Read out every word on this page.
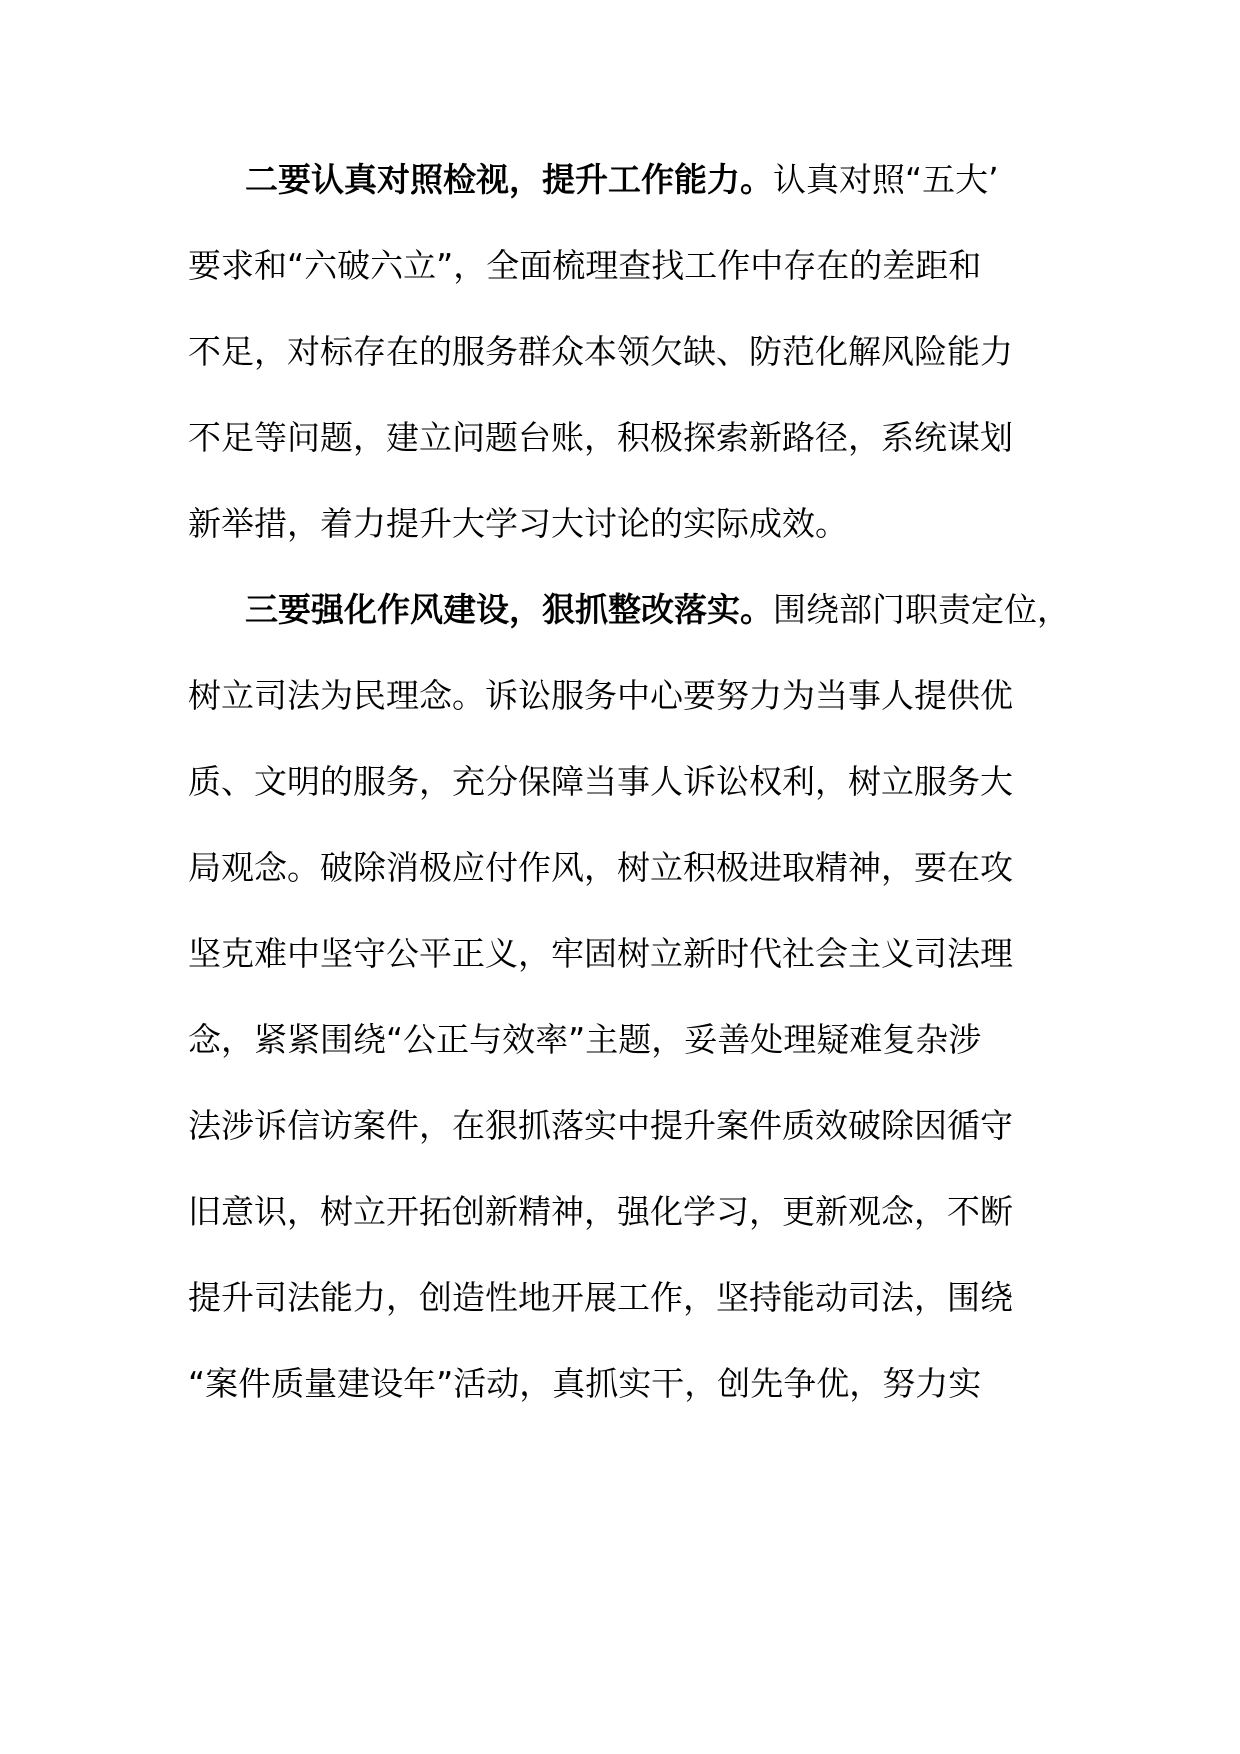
二要认真对照检视，提升工作能力。认真对照“五大’
要求和“六破六立”，全面梳理查找工作中存在的差距和
不足，对标存在的服务群众本领欠缺、防范化解风险能力
不足等问题，建立问题台账，积极探索新路径，系统谋划
新举措，着力提升大学习大讨论的实际成效。
三要强化作风建设，狠抓整改落实。围绕部门职责定位，
树立司法为民理念。诉讼服务中心要努力为当事人提供优
质、文明的服务，充分保障当事人诉讼权利，树立服务大
局观念。破除消极应付作风，树立积极进取精神，要在攻
坚克难中坚守公平正义，牢固树立新时代社会主义司法理
念，紧紧围绕“公正与效率”主题，妥善处理疑难复杂涉
法涉诉信访案件，在狠抓落实中提升案件质效破除因循守
旧意识，树立开拓创新精神，强化学习，更新观念，不断
提升司法能力，创造性地开展工作，坚持能动司法，围绕
“案件质量建设年”活动，真抓实干，创先争优，努力实
